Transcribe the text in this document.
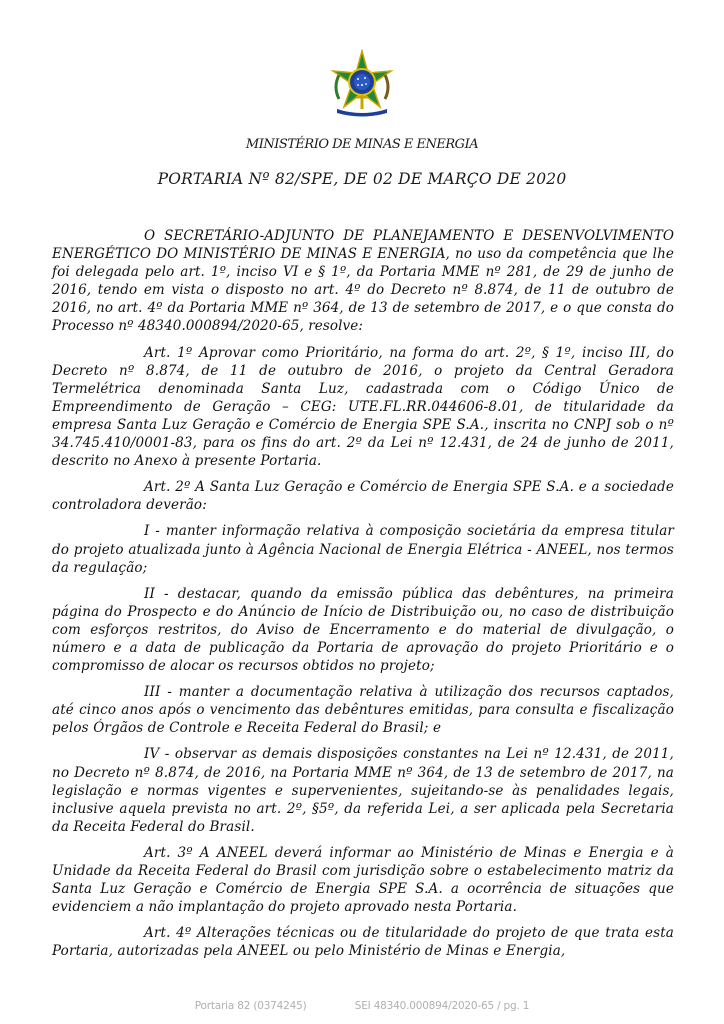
MINISTÉRIO DE MINAS E ENERGIA
PORTARIA Nº 82/SPE, DE 02 DE MARÇO DE 2020

O SECRETÁRIO-ADJUNTO DE PLANEJAMENTO E DESENVOLVIMENTO ENERGÉTICO DO MINISTÉRIO DE MINAS E ENERGIA, no uso da competência que lhe foi delegada pelo art. 1º, inciso VI e § 1º, da Portaria MME nº 281, de 29 de junho de 2016, tendo em vista o disposto no art. 4º do Decreto nº 8.874, de 11 de outubro de 2016, no art. 4º da Portaria MME nº 364, de 13 de setembro de 2017, e o que consta do Processo nº 48340.000894/2020-65, resolve:

Art. 1º Aprovar como Prioritário, na forma do art. 2º, § 1º, inciso III, do Decreto nº 8.874, de 11 de outubro de 2016, o projeto da Central Geradora Termelétrica denominada Santa Luz, cadastrada com o Código Único de Empreendimento de Geração – CEG: UTE.FL.RR.044606-8.01, de titularidade da empresa Santa Luz Geração e Comércio de Energia SPE S.A., inscrita no CNPJ sob o nº 34.745.410/0001-83, para os fins do art. 2º da Lei nº 12.431, de 24 de junho de 2011, descrito no Anexo à presente Portaria.

Art. 2º A Santa Luz Geração e Comércio de Energia SPE S.A. e a sociedade controladora deverão:

I - manter informação relativa à composição societária da empresa titular do projeto atualizada junto à Agência Nacional de Energia Elétrica - ANEEL, nos termos da regulação;

II - destacar, quando da emissão pública das debêntures, na primeira página do Prospecto e do Anúncio de Início de Distribuição ou, no caso de distribuição com esforços restritos, do Aviso de Encerramento e do material de divulgação, o número e a data de publicação da Portaria de aprovação do projeto Prioritário e o compromisso de alocar os recursos obtidos no projeto;

III - manter a documentação relativa à utilização dos recursos captados, até cinco anos após o vencimento das debêntures emitidas, para consulta e fiscalização pelos Órgãos de Controle e Receita Federal do Brasil; e

IV - observar as demais disposições constantes na Lei nº 12.431, de 2011, no Decreto nº 8.874, de 2016, na Portaria MME nº 364, de 13 de setembro de 2017, na legislação e normas vigentes e supervenientes, sujeitando-se às penalidades legais, inclusive aquela prevista no art. 2º, §5º, da referida Lei, a ser aplicada pela Secretaria da Receita Federal do Brasil.

Art. 3º A ANEEL deverá informar ao Ministério de Minas e Energia e à Unidade da Receita Federal do Brasil com jurisdição sobre o estabelecimento matriz da Santa Luz Geração e Comércio de Energia SPE S.A. a ocorrência de situações que evidenciem a não implantação do projeto aprovado nesta Portaria.

Art. 4º Alterações técnicas ou de titularidade do projeto de que trata esta Portaria, autorizadas pela ANEEL ou pelo Ministério de Minas e Energia,

Portaria 82 (0374245)	SEI 48340.000894/2020-65 / pg. 1
